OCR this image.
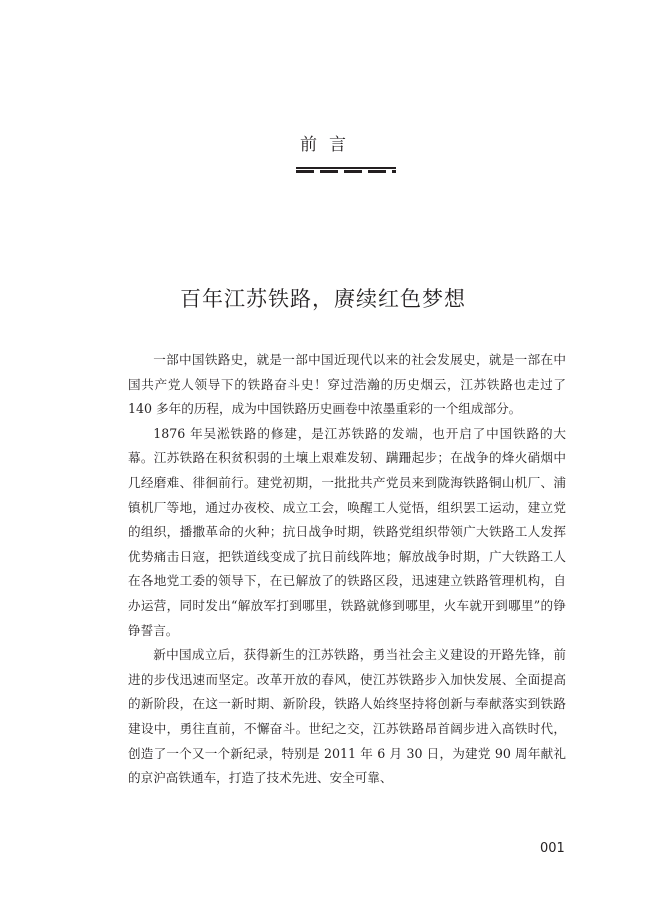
前言
百年江苏铁路，赓续红色梦想

一部中国铁路史，就是一部中国近现代以来的社会发展史，就是一部在中国共产党人领导下的铁路奋斗史！穿过浩瀚的历史烟云，江苏铁路也走过了 140 多年的历程，成为中国铁路历史画卷中浓墨重彩的一个组成部分。

1876 年吴淞铁路的修建，是江苏铁路的发端，也开启了中国铁路的大幕。江苏铁路在积贫积弱的土壤上艰难发轫、蹒跚起步；在战争的烽火硝烟中几经磨难、徘徊前行。建党初期，一批批共产党员来到陇海铁路铜山机厂、浦镇机厂等地，通过办夜校、成立工会，唤醒工人觉悟，组织罢工运动，建立党的组织，播撒革命的火种；抗日战争时期，铁路党组织带领广大铁路工人发挥优势痛击日寇，把铁道线变成了抗日前线阵地；解放战争时期，广大铁路工人在各地党工委的领导下，在已解放了的铁路区段，迅速建立铁路管理机构，自办运营，同时发出“解放军打到哪里，铁路就修到哪里，火车就开到哪里”的铮铮誓言。

新中国成立后，获得新生的江苏铁路，勇当社会主义建设的开路先锋，前进的步伐迅速而坚定。改革开放的春风，使江苏铁路步入加快发展、全面提高的新阶段，在这一新时期、新阶段，铁路人始终坚持将创新与奉献落实到铁路建设中，勇往直前，不懈奋斗。世纪之交，江苏铁路昂首阔步进入高铁时代，创造了一个又一个新纪录，特别是 2011 年 6 月 30 日，为建党 90 周年献礼的京沪高铁通车，打造了技术先进、安全可靠、

001
